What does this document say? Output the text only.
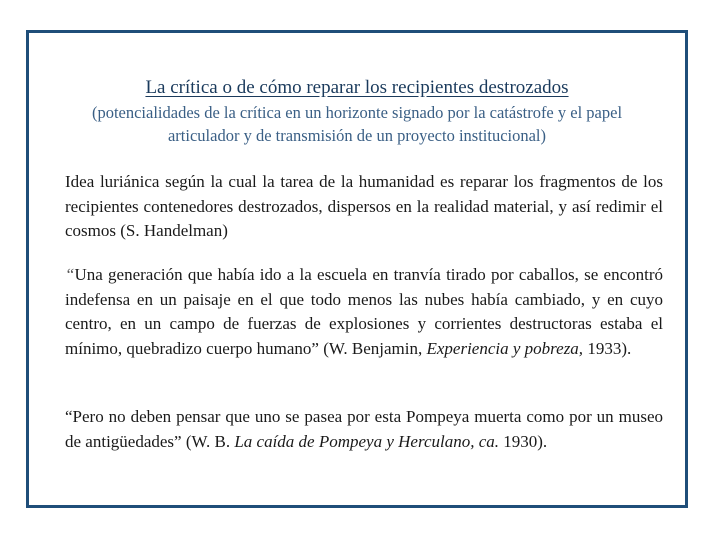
La crítica o de cómo reparar los recipientes destrozados

(potencialidades de la crítica en un horizonte signado por la catástrofe y el papel articulador y de transmisión de un proyecto institucional)

Idea luriánica según la cual la tarea de la humanidad es reparar los fragmentos de los recipientes contenedores destrozados, dispersos en la realidad material, y así redimir el cosmos (S. Handelman)

“Una generación que había ido a la escuela en tranvía tirado por caballos, se encontró indefensa en un paisaje en el que todo menos las nubes había cambiado, y en cuyo centro, en un campo de fuerzas de explosiones y corrientes destructoras estaba el mínimo, quebradizo cuerpo humano” (W. Benjamin, Experiencia y pobreza, 1933).

“Pero no deben pensar que uno se pasea por esta Pompeya muerta como por un museo de antigüedades” (W. B. La caída de Pompeya y Herculano, ca. 1930).
